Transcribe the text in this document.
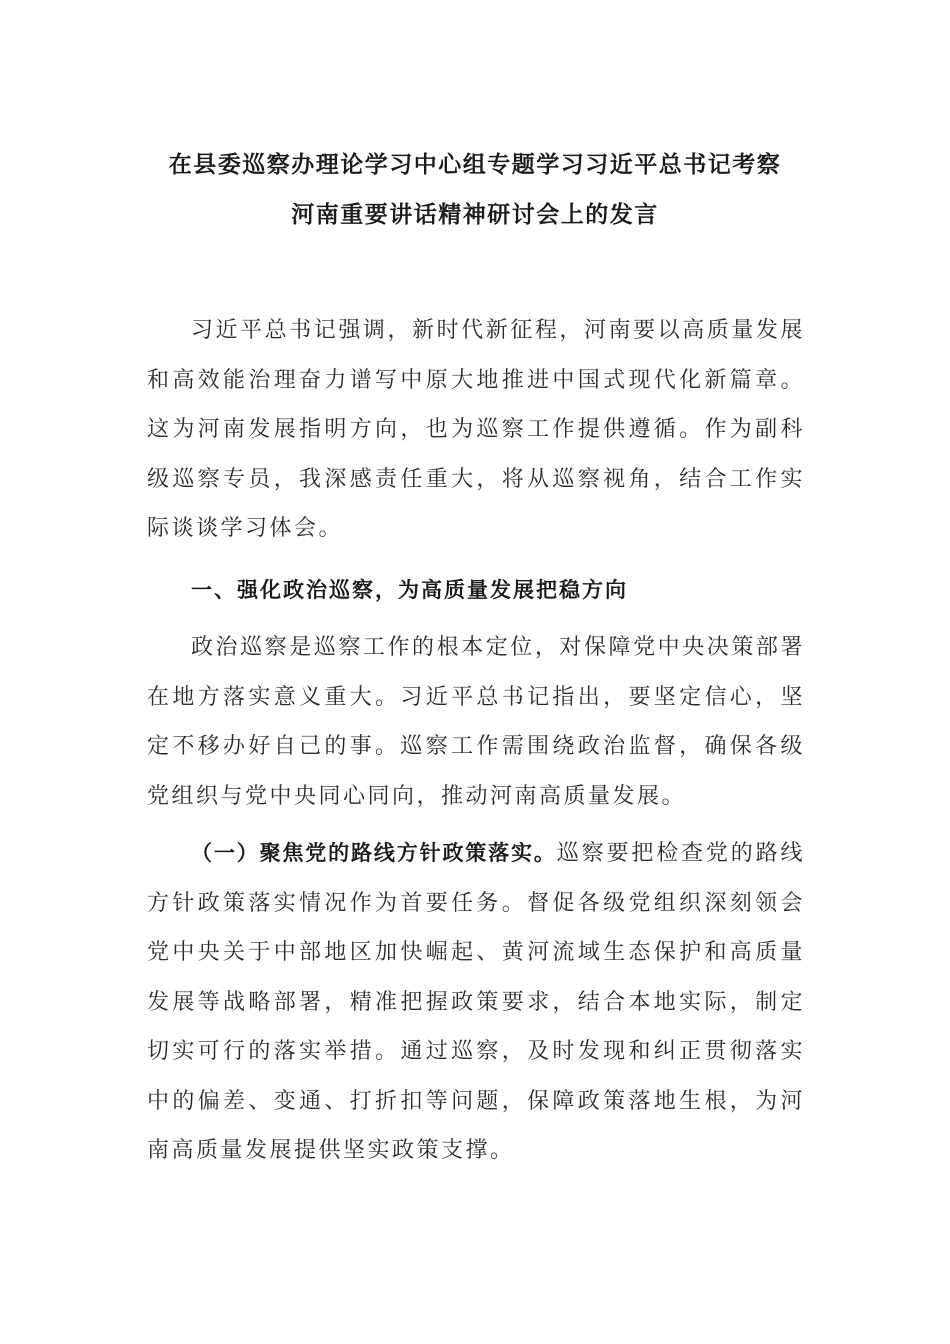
在县委巡察办理论学习中心组专题学习习近平总书记考察
河南重要讲话精神研讨会上的发言

习近平总书记强调，新时代新征程，河南要以高质量发展和高效能治理奋力谱写中原大地推进中国式现代化新篇章。这为河南发展指明方向，也为巡察工作提供遵循。作为副科级巡察专员，我深感责任重大，将从巡察视角，结合工作实际谈谈学习体会。

一、强化政治巡察，为高质量发展把稳方向

政治巡察是巡察工作的根本定位，对保障党中央决策部署在地方落实意义重大。习近平总书记指出，要坚定信心，坚定不移办好自己的事。巡察工作需围绕政治监督，确保各级党组织与党中央同心同向，推动河南高质量发展。

（一）聚焦党的路线方针政策落实。巡察要把检查党的路线方针政策落实情况作为首要任务。督促各级党组织深刻领会党中央关于中部地区加快崛起、黄河流域生态保护和高质量发展等战略部署，精准把握政策要求，结合本地实际，制定切实可行的落实举措。通过巡察，及时发现和纠正贯彻落实中的偏差、变通、打折扣等问题，保障政策落地生根，为河南高质量发展提供坚实政策支撑。
